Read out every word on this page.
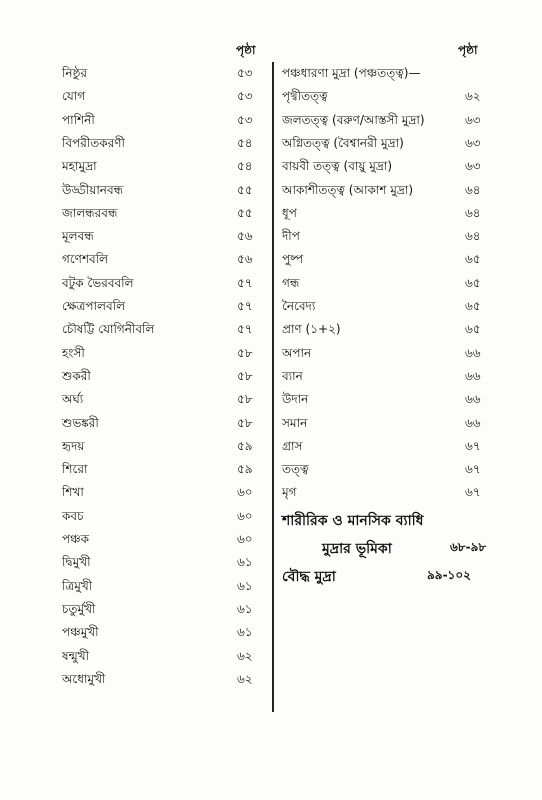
পৃষ্ঠা
নিষ্ঠুর	৫৩
যোগ	৫৩
পাশিনী	৫৩
বিপরীতকরণী	৫৪
মহামুদ্রা	৫৪
উড্ডীয়ানবন্ধ	৫৫
জালন্ধরবন্ধ	৫৫
মূলবন্ধ	৫৬
গণেশবলি	৫৬
বটুক ভৈরববলি	৫৭
ক্ষেত্রপালবলি	৫৭
চৌষট্টি যোগিনীবলি	৫৭
হংসী	৫৮
শুকরী	৫৮
অর্ঘ্য	৫৮
শুভঙ্করী	৫৮
হৃদয়	৫৯
শিরো	৫৯
শিখা	৬০
কবচ	৬০
পঞ্চক	৬০
দ্বিমুখী	৬১
ত্রিমুখী	৬১
চতুর্মুখী	৬১
পঞ্চমুখী	৬১
ষন্মুখী	৬২
অধোমুখী	৬২
পৃষ্ঠা
পঞ্চধারণা মুদ্রা (পঞ্চতত্ত্ব)—
পৃথ্বীতত্ত্ব	৬২
জলতত্ত্ব (বরুণ/আস্তসী মুদ্রা)	৬৩
অগ্নিতত্ত্ব (বৈশ্বানরী মুদ্রা)	৬৩
বায়বী তত্ত্ব (বায়ু মুদ্রা)	৬৩
আকাশীতত্ত্ব (আকাশ মুদ্রা)	৬৪
ধূপ	৬৪
দীপ	৬৪
পুষ্প	৬৫
গন্ধ	৬৫
নৈবেদ্য	৬৫
প্রাণ (১+২)	৬৫
অপান	৬৬
ব্যান	৬৬
উদান	৬৬
সমান	৬৬
গ্রাস	৬৭
তত্ত্ব	৬৭
মৃগ	৬৭
শারীরিক ও মানসিক ব্যাধি
মুদ্রার ভূমিকা	৬৮-৯৮
বৌদ্ধ মুদ্রা	৯৯-১০২
